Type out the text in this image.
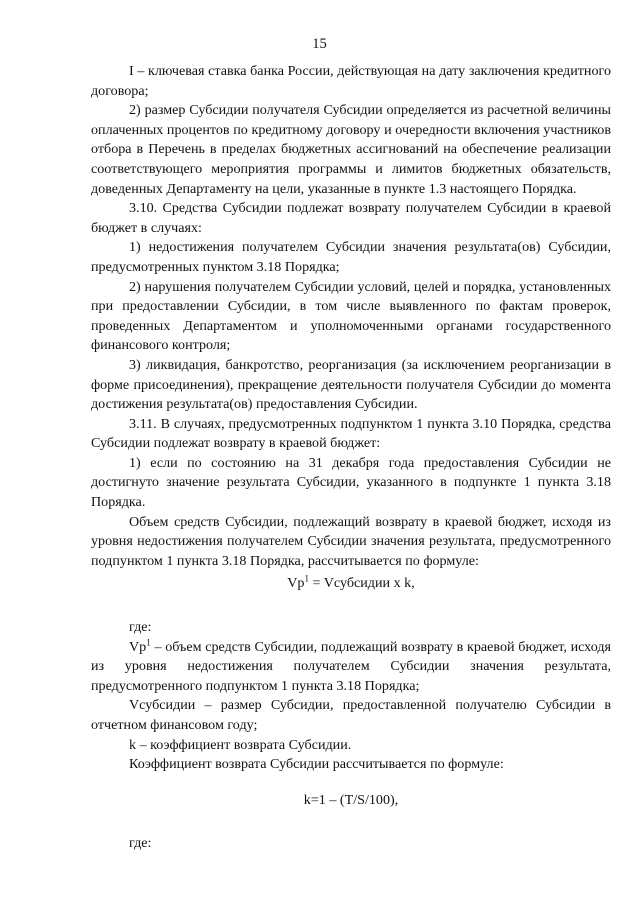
15

I – ключевая ставка банка России, действующая на дату заключения кредитного договора;

2) размер Субсидии получателя Субсидии определяется из расчетной величины оплаченных процентов по кредитному договору и очередности включения участников отбора в Перечень в пределах бюджетных ассигнований на обеспечение реализации соответствующего мероприятия программы и лимитов бюджетных обязательств, доведенных Департаменту на цели, указанные в пункте 1.3 настоящего Порядка.

3.10. Средства Субсидии подлежат возврату получателем Субсидии в краевой бюджет в случаях:

1) недостижения получателем Субсидии значения результата(ов) Субсидии, предусмотренных пунктом 3.18 Порядка;

2) нарушения получателем Субсидии условий, целей и порядка, установленных при предоставлении Субсидии, в том числе выявленного по фактам проверок, проведенных Департаментом и уполномоченными органами государственного финансового контроля;

3) ликвидация, банкротство, реорганизация (за исключением реорганизации в форме присоединения), прекращение деятельности получателя Субсидии до момента достижения результата(ов) предоставления Субсидии.

3.11. В случаях, предусмотренных подпунктом 1 пункта 3.10 Порядка, средства Субсидии подлежат возврату в краевой бюджет:

1) если по состоянию на 31 декабря года предоставления Субсидии не достигнуто значение результата Субсидии, указанного в подпункте 1 пункта 3.18 Порядка.

Объем средств Субсидии, подлежащий возврату в краевой бюджет, исходя из уровня недостижения получателем Субсидии значения результата, предусмотренного подпунктом 1 пункта 3.18 Порядка, рассчитывается по формуле:

$Vp^1$ = Vсубсидии x k,

где:

Vp$^1$ – объем средств Субсидии, подлежащий возврату в краевой бюджет, исходя из уровня недостижения получателем Субсидии значения результата, предусмотренного подпунктом 1 пункта 3.18 Порядка;

Vсубсидии – размер Субсидии, предоставленной получателю Субсидии в отчетном финансовом году;

k – коэффициент возврата Субсидии.

Коэффициент возврата Субсидии рассчитывается по формуле:

k=1 – (T/S/100),

где:
